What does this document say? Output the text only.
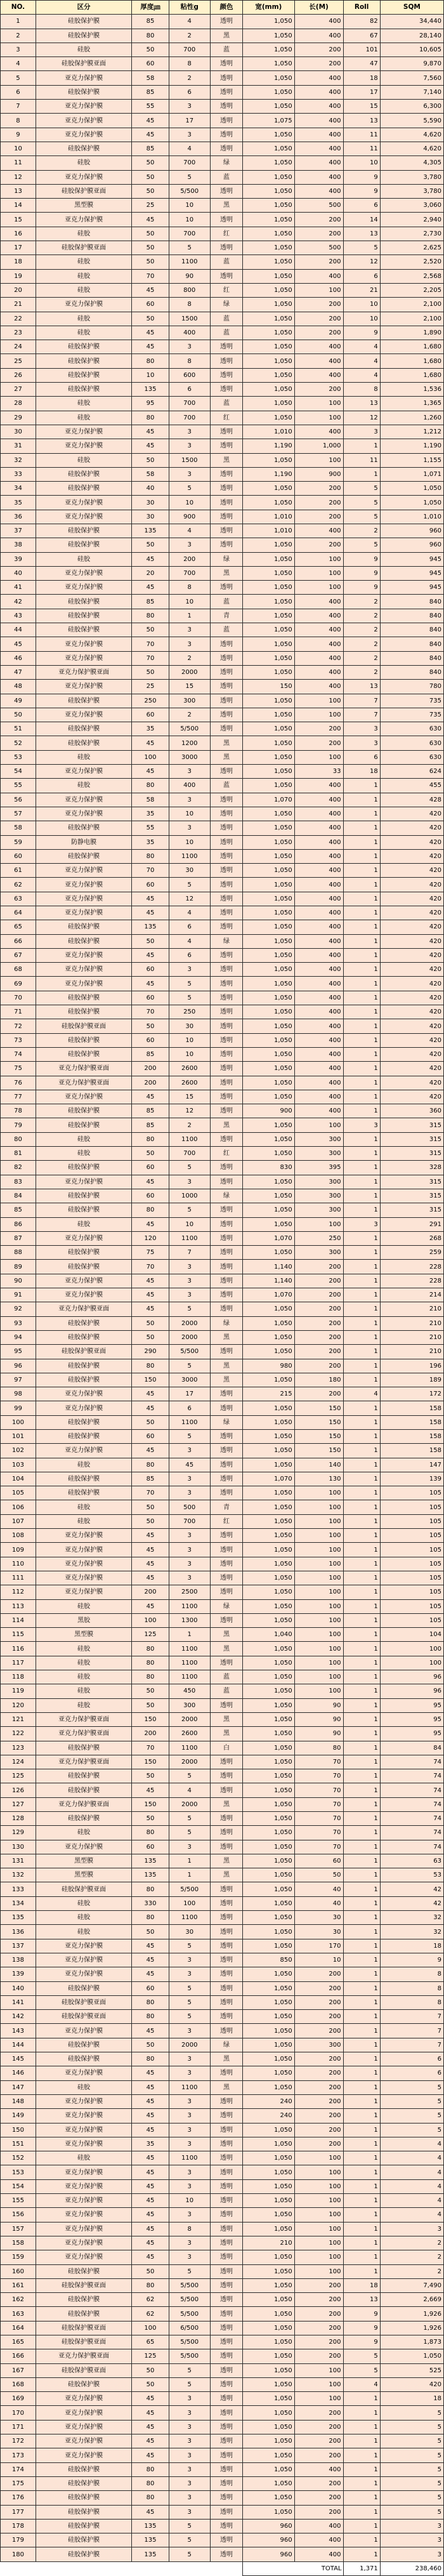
NO.	区分	厚度㎛	粘性g	颜色	宽(mm)	长(M)	Roll	SQM
1	硅胶保护膜	85	4	透明	1,050	400	82	34,440
2	硅胶保护膜	80	2	黑	1,050	400	67	28,140
3	硅胶	50	700	蓝	1,050	200	101	10,605
4	硅胶保护膜亚面	60	8	透明	1,050	200	47	9,870
5	亚克力保护膜	58	2	透明	1,050	400	18	7,560
6	硅胶保护膜	85	6	透明	1,050	400	17	7,140
7	亚克力保护膜	55	3	透明	1,050	400	15	6,300
8	亚克力保护膜	45	17	透明	1,075	400	13	5,590
9	亚克力保护膜	45	3	透明	1,050	400	11	4,620
10	硅胶保护膜	85	4	透明	1,050	400	11	4,620
11	硅胶	50	700	绿	1,050	400	10	4,305
12	亚克力保护膜	50	5	蓝	1,050	400	9	3,780
13	硅胶保护膜亚面	50	5/500	透明	1,050	400	9	3,780
14	黑型膜	25	10	黑	1,050	500	6	3,060
15	亚克力保护膜	45	10	透明	1,050	200	14	2,940
16	硅胶	50	700	红	1,050	200	13	2,730
17	硅胶保护膜亚面	50	5	透明	1,050	500	5	2,625
18	硅胶	50	1100	蓝	1,050	200	12	2,520
19	硅胶	70	90	透明	1,050	400	6	2,568
20	硅胶	45	800	红	1,050	100	21	2,205
21	亚克力保护膜	60	8	绿	1,050	200	10	2,100
22	硅胶	50	1500	蓝	1,050	200	10	2,100
23	硅胶	45	400	蓝	1,050	200	9	1,890
24	硅胶保护膜	45	3	透明	1,050	400	4	1,680
25	硅胶保护膜	80	8	透明	1,050	400	4	1,680
26	硅胶保护膜	10	600	透明	1,050	400	4	1,680
27	硅胶保护膜	135	6	透明	1,050	200	8	1,536
28	硅胶	95	700	蓝	1,050	100	13	1,365
29	硅胶	80	700	红	1,050	100	12	1,260
30	亚克力保护膜	45	3	透明	1,010	400	3	1,212
31	亚克力保护膜	45	3	透明	1,190	1,000	1	1,190
32	硅胶	50	1500	黑	1,050	100	11	1,155
33	硅胶保护膜	58	3	透明	1,190	900	1	1,071
34	硅胶保护膜	40	5	透明	1,050	200	5	1,050
35	亚克力保护膜	30	10	透明	1,050	200	5	1,050
36	亚克力保护膜	30	900	透明	1,010	200	5	1,010
37	硅胶保护膜	135	4	透明	1,010	400	2	960
38	硅胶保护膜	50	3	透明	1,050	200	5	960
39	硅胶	45	200	绿	1,050	100	9	945
40	亚克力保护膜	20	700	黑	1,050	100	9	945
41	亚克力保护膜	45	8	透明	1,050	100	9	945
42	硅胶保护膜	85	10	蓝	1,050	400	2	840
43	硅胶保护膜	80	1	青	1,050	400	2	840
44	硅胶保护膜	50	3	蓝	1,050	400	2	840
45	亚克力保护膜	70	3	透明	1,050	400	2	840
46	亚克力保护膜	70	2	透明	1,050	400	2	840
47	亚克力保护膜亚面	50	2000	透明	1,050	400	2	840
48	亚克力保护膜	25	15	透明	150	400	13	780
49	硅胶保护膜	250	300	透明	1,050	100	7	735
50	亚克力保护膜	60	2	透明	1,050	100	7	735
51	硅胶保护膜	35	5/500	透明	1,050	200	3	630
52	硅胶保护膜	45	1200	黑	1,050	200	3	630
53	硅胶	100	3000	黑	1,050	100	6	630
54	亚克力保护膜	45	3	透明	1,050	33	18	624
55	硅胶	80	400	蓝	1,050	400	1	455
56	亚克力保护膜	58	3	透明	1,070	400	1	428
57	亚克力保护膜	35	10	透明	1,050	400	1	420
58	硅胶保护膜	55	3	透明	1,050	400	1	420
59	防静电膜	35	10	透明	1,050	400	1	420
60	硅胶保护膜	80	1100	透明	1,050	400	1	420
61	亚克力保护膜	70	30	透明	1,050	400	1	420
62	亚克力保护膜	60	5	透明	1,050	400	1	420
63	亚克力保护膜	45	12	透明	1,050	400	1	420
64	亚克力保护膜	45	4	透明	1,050	400	1	420
65	硅胶保护膜	135	6	透明	1,050	400	1	420
66	硅胶保护膜	50	4	绿	1,050	400	1	420
67	亚克力保护膜	45	6	透明	1,050	400	1	420
68	亚克力保护膜	60	3	透明	1,050	400	1	420
69	亚克力保护膜	45	5	透明	1,050	400	1	420
70	硅胶保护膜	60	5	透明	1,050	400	1	420
71	硅胶保护膜	70	250	透明	1,050	400	1	420
72	硅胶保护膜亚面	50	30	透明	1,050	400	1	420
73	硅胶保护膜	60	10	透明	1,050	400	1	420
74	硅胶保护膜	85	10	透明	1,050	400	1	420
75	亚克力保护膜亚面	200	2600	透明	1,050	400	1	420
76	亚克力保护膜亚面	200	2600	透明	1,050	400	1	420
77	亚克力保护膜	45	15	透明	1,050	400	1	420
78	硅胶保护膜	85	12	透明	900	400	1	360
79	硅胶保护膜	85	2	黑	1,050	100	3	315
80	硅胶	80	1100	透明	1,050	300	1	315
81	硅胶	50	700	红	1,050	300	1	315
82	硅胶保护膜	60	5	透明	830	395	1	328
83	亚克力保护膜	45	3	透明	1,050	300	1	315
84	硅胶保护膜	60	1000	绿	1,050	300	1	315
85	硅胶保护膜	80	5	透明	1,050	300	1	315
86	硅胶	45	10	透明	1,050	100	3	291
87	亚克力保护膜	120	1100	透明	1,070	250	1	268
88	硅胶保护膜	75	7	透明	1,050	300	1	259
89	硅胶保护膜	70	3	透明	1,140	200	1	228
90	亚克力保护膜	45	3	透明	1,140	200	1	228
91	亚克力保护膜	45	3	透明	1,070	200	1	214
92	亚克力保护膜亚面	45	5	透明	1,050	200	1	210
93	硅胶保护膜	50	2000	绿	1,050	200	1	210
94	硅胶保护膜	50	2000	黑	1,050	200	1	210
95	硅胶保护膜亚面	290	5/500	透明	1,050	200	1	210
96	硅胶保护膜	80	5	黑	980	200	1	196
97	硅胶保护膜	150	3000	黑	1,050	180	1	189
98	亚克力保护膜	45	17	透明	215	200	4	172
99	亚克力保护膜	45	6	透明	1,050	150	1	158
100	硅胶保护膜	50	1100	绿	1,050	150	1	158
101	硅胶保护膜	60	5	透明	1,050	150	1	158
102	亚克力保护膜	45	3	透明	1,050	150	1	158
103	硅胶	80	45	透明	1,050	140	1	147
104	硅胶保护膜	85	3	透明	1,070	130	1	139
105	硅胶保护膜	70	3	透明	1,050	100	1	105
106	硅胶	50	500	青	1,050	100	1	105
107	硅胶	50	700	红	1,050	100	1	105
108	亚克力保护膜	45	3	透明	1,050	100	1	105
109	亚克力保护膜	45	3	透明	1,050	100	1	105
110	亚克力保护膜	45	3	透明	1,050	100	1	105
111	亚克力保护膜	45	3	透明	1,050	100	1	105
112	亚克力保护膜	200	2500	透明	1,050	100	1	105
113	硅胶	45	1100	绿	1,050	100	1	105
114	黑胶	100	1300	透明	1,050	100	1	105
115	黑型膜	125	1	黑	1,040	100	1	104
116	硅胶	80	1100	黑	1,050	100	1	100
117	硅胶	80	1100	透明	1,050	100	1	100
118	硅胶	80	1100	蓝	1,050	100	1	96
119	硅胶	50	450	蓝	1,050	100	1	96
120	硅胶	50	300	透明	1,050	90	1	95
121	亚克力保护膜亚面	150	2000	黑	1,050	90	1	95
122	亚克力保护膜亚面	200	2600	黑	1,050	90	1	95
123	硅胶保护膜	70	1100	白	1,050	80	1	84
124	亚克力保护膜亚面	150	2000	透明	1,050	70	1	74
125	硅胶保护膜	50	5	透明	1,050	70	1	74
126	硅胶保护膜	45	4	透明	1,050	70	1	74
127	亚克力保护膜亚面	150	2000	黑	1,050	70	1	74
128	硅胶保护膜	50	5	透明	1,050	70	1	74
129	硅胶	80	5	透明	1,050	70	1	74
130	亚克力保护膜	60	3	透明	1,050	70	1	74
131	黑型膜	135	1	黑	1,050	60	1	63
132	黑型膜	135	1	黑	1,050	50	1	53
133	硅胶保护膜亚面	80	5/500	透明	1,050	40	1	42
134	硅胶	330	100	透明	1,050	40	1	42
135	硅胶	80	1100	透明	1,050	30	1	32
136	硅胶	50	30	透明	1,050	30	1	32
137	亚克力保护膜	45	5	透明	1,050	170	1	18
138	亚克力保护膜	45	3	透明	850	10	1	9
139	亚克力保护膜	45	3	透明	1,050	200	1	8
140	硅胶保护膜	60	5	透明	1,050	200	1	8
141	硅胶保护膜亚面	80	5	透明	1,050	200	1	8
142	硅胶保护膜亚面	80	5	透明	1,050	200	1	7
143	亚克力保护膜	45	3	透明	1,050	200	1	7
144	硅胶保护膜	50	2000	绿	1,050	300	1	7
145	硅胶保护膜	80	3	黑	1,050	200	1	6
146	亚克力保护膜	45	3	透明	1,050	200	1	6
147	硅胶	45	1100	黑	1,050	200	1	5
148	亚克力保护膜	45	3	透明	240	200	1	5
149	亚克力保护膜	45	3	透明	240	200	1	5
150	亚克力保护膜	45	3	透明	1,050	200	1	5
151	亚克力保护膜	35	3	透明	1,050	200	1	4
152	硅胶	45	1100	透明	1,050	100	1	4
153	亚克力保护膜	45	3	透明	1,050	100	1	4
154	亚克力保护膜	45	3	透明	1,050	100	1	4
155	亚克力保护膜	45	10	透明	1,050	100	1	4
156	亚克力保护膜	45	3	透明	1,050	100	1	4
157	亚克力保护膜	45	8	透明	1,050	100	1	3
158	亚克力保护膜	45	3	透明	210	100	1	2
159	亚克力保护膜	45	3	透明	1,050	100	1	2
160	硅胶保护膜	50	5	透明	1,050	100	1	2
161	硅胶保护膜亚面	80	5/500	透明	1,050	200	18	7,490
162	硅胶保护膜	62	5/500	透明	1,050	200	13	2,669
163	硅胶保护膜	62	5/500	透明	1,050	200	9	1,926
164	硅胶保护膜亚面	100	6/500	透明	1,050	200	9	1,926
165	硅胶保护膜亚面	65	5/500	透明	1,050	200	9	1,873
166	亚克力保护膜亚面	125	5/500	透明	1,050	200	5	1,050
167	硅胶保护膜亚面	50	5	透明	1,050	100	5	525
168	硅胶保护膜	50	5	透明	1,050	100	4	420
169	亚克力保护膜	45	3	透明	1,050	100	1	18
170	亚克力保护膜	45	3	透明	1,050	200	1	5
171	亚克力保护膜	45	3	透明	1,050	200	1	5
172	亚克力保护膜	45	3	透明	1,050	200	1	5
173	亚克力保护膜	45	3	透明	1,050	200	1	5
174	硅胶保护膜	80	3	透明	1,050	400	1	5
175	硅胶保护膜	80	3	透明	1,050	200	1	5
176	硅胶保护膜	80	3	透明	1,050	200	1	5
177	硅胶保护膜	45	3	透明	1,050	200	1	5
178	硅胶保护膜	135	5	透明	960	400	1	3
179	硅胶保护膜	135	5	透明	960	400	1	3
180	硅胶保护膜	135	5	透明	960	400	1	3
					TOTAL		1,371	238,460
